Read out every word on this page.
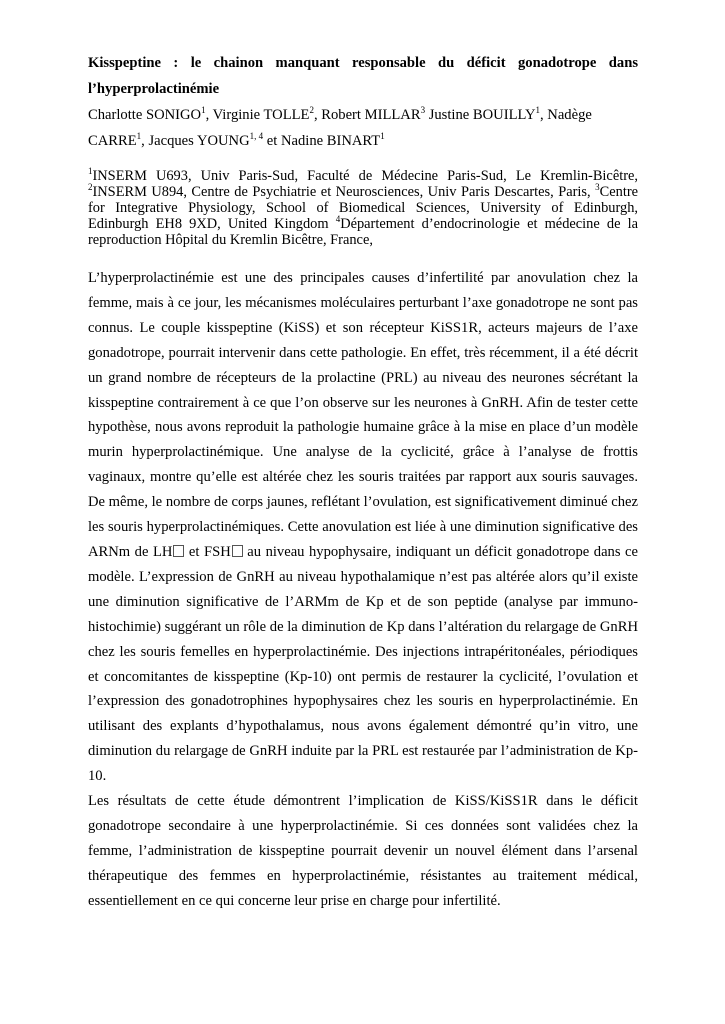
Kisspeptine : le chainon manquant responsable du déficit gonadotrope dans
l’hyperprolactinémie
Charlotte SONIGO$^1$, Virginie TOLLE$^2$, Robert MILLAR$^3$ Justine BOUILLY$^1$, Nadège
CARRE$^1$, Jacques YOUNG$^{1, 4}$ et Nadine BINART$^1$
$^1$INSERM U693, Univ Paris-Sud, Faculté de Médecine Paris-Sud, Le Kremlin-Bicêtre, $^2$INSERM U894, Centre de Psychiatrie et Neurosciences, Univ Paris Descartes, Paris, $^3$Centre for Integrative Physiology, School of Biomedical Sciences, University of Edinburgh, Edinburgh EH8 9XD, United Kingdom $^4$Département d’endocrinologie et médecine de la reproduction Hôpital du Kremlin Bicêtre, France,

L’hyperprolactinémie est une des principales causes d’infertilité par anovulation chez la femme, mais à ce jour, les mécanismes moléculaires perturbant l’axe gonadotrope ne sont pas connus. Le couple kisspeptine (KiSS) et son récepteur KiSS1R, acteurs majeurs de l’axe gonadotrope, pourrait intervenir dans cette pathologie. En effet, très récemment, il a été décrit un grand nombre de récepteurs de la prolactine (PRL) au niveau des neurones sécrétant la kisspeptine contrairement à ce que l’on observe sur les neurones à GnRH. Afin de tester cette hypothèse, nous avons reproduit la pathologie humaine grâce à la mise en place d’un modèle murin hyperprolactinémique. Une analyse de la cyclicité, grâce à l’analyse de frottis vaginaux, montre qu’elle est altérée chez les souris traitées par rapport aux souris sauvages. De même, le nombre de corps jaunes, reflétant l’ovulation, est significativement diminué chez les souris hyperprolactinémiques. Cette anovulation est liée à une diminution significative des ARNm de LH et FSH au niveau hypophysaire, indiquant un déficit gonadotrope dans ce modèle. L’expression de GnRH au niveau hypothalamique n’est pas altérée alors qu’il existe une diminution significative de l’ARMm de Kp et de son peptide (analyse par immuno-histochimie) suggérant un rôle de la diminution de Kp dans l’altération du relargage de GnRH chez les souris femelles en hyperprolactinémie. Des injections intrapéritonéales, périodiques et concomitantes de kisspeptine (Kp-10) ont permis de restaurer la cyclicité, l’ovulation et l’expression des gonadotrophines hypophysaires chez les souris en hyperprolactinémie. En utilisant des explants d’hypothalamus, nous avons également démontré qu’in vitro, une diminution du relargage de GnRH induite par la PRL est restaurée par l’administration de Kp-10.

Les résultats de cette étude démontrent l’implication de KiSS/KiSS1R dans le déficit gonadotrope secondaire à une hyperprolactinémie. Si ces données sont validées chez la femme, l’administration de kisspeptine pourrait devenir un nouvel élément dans l’arsenal thérapeutique des femmes en hyperprolactinémie, résistantes au traitement médical, essentiellement en ce qui concerne leur prise en charge pour infertilité.
